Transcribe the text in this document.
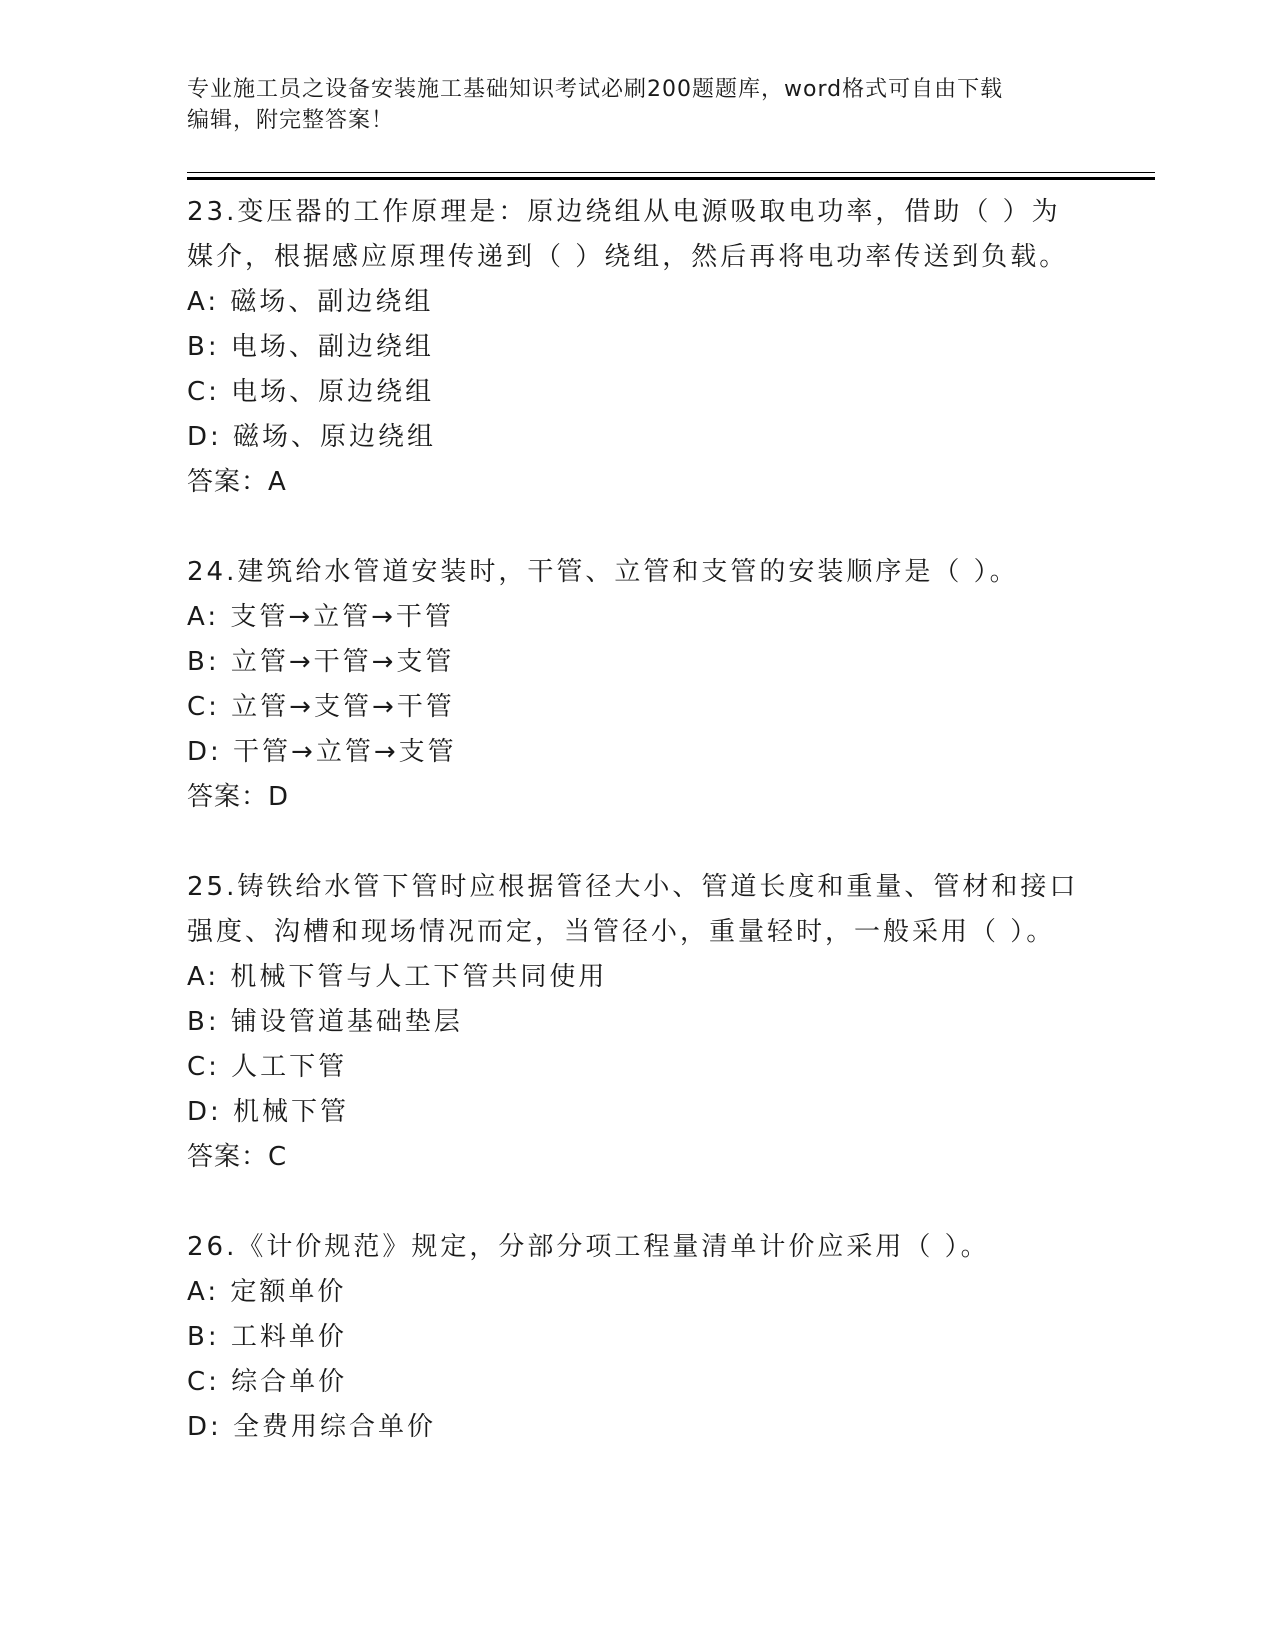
专业施工员之设备安装施工基础知识考试必刷200题题库，word格式可自由下载
编辑，附完整答案！
23.变压器的工作原理是：原边绕组从电源吸取电功率，借助（ ）为
媒介，根据感应原理传递到（ ）绕组，然后再将电功率传送到负载。
A: 磁场、副边绕组
B: 电场、副边绕组
C: 电场、原边绕组
D: 磁场、原边绕组
答案：A
24.建筑给水管道安装时，干管、立管和支管的安装顺序是（ ）。
A: 支管→立管→干管
B: 立管→干管→支管
C: 立管→支管→干管
D: 干管→立管→支管
答案：D
25.铸铁给水管下管时应根据管径大小、管道长度和重量、管材和接口
强度、沟槽和现场情况而定，当管径小，重量轻时，一般采用（ ）。
A: 机械下管与人工下管共同使用
B: 铺设管道基础垫层
C: 人工下管
D: 机械下管
答案：C
26.《计价规范》规定，分部分项工程量清单计价应采用（ ）。
A: 定额单价
B: 工料单价
C: 综合单价
D: 全费用综合单价
